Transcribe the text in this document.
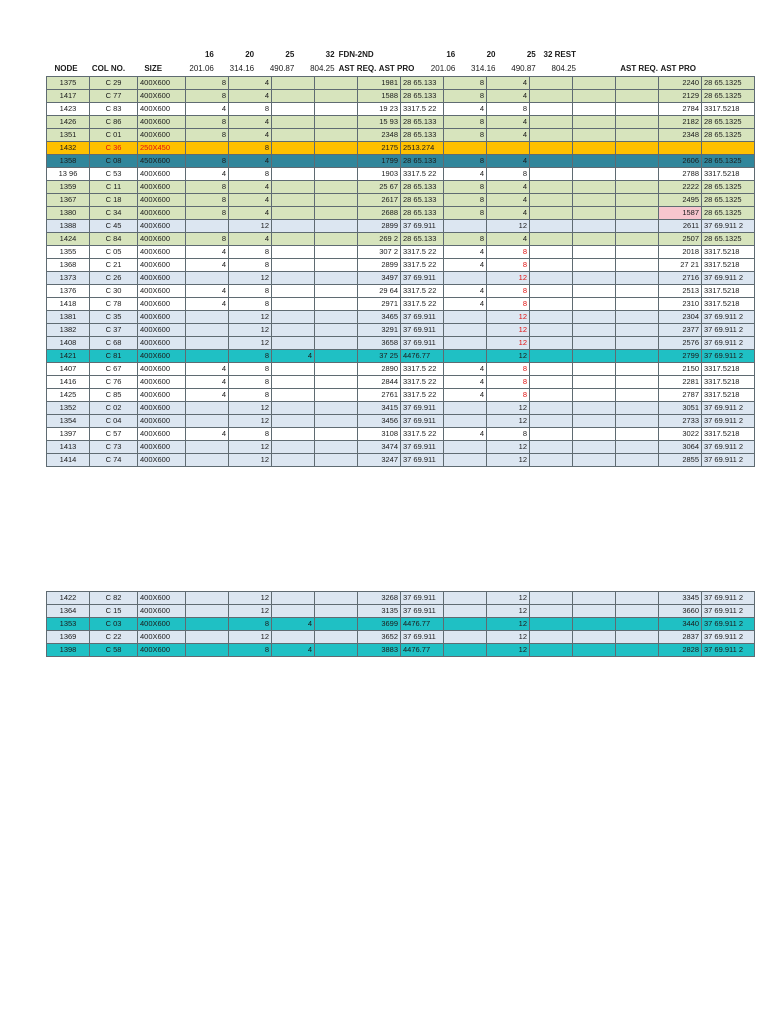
16	20	25	32 FDN-2ND	16	20	25 32 REST
NODE	COL NO.	SIZE	201.06	314.16	490.87	804.25 AST REQ. AST PRO	201.06	314.16	490.87	804.25	AST REQ. AST PRO
1375	C 29	400X600	8	4			1981	28 65.133	8	4				2240	28 65.1325
1417	C 77	400X600	8	4			1588	28 65.133	8	4				2129	28 65.1325
1423	C 83	400X600	4	8			19 23	3317.5 22	4	8				2784	3317.5218
1426	C 86	400X600	8	4			15 93	28 65.133	8	4				2182	28 65.1325
1351	C 01	400X600	8	4			2348	28 65.133	8	4				2348	28 65.1325
1432	C 36	250X450		8			2175	2513.274							
1358	C 08	450X600	8	4			1799	28 65.133	8	4				2606	28 65.1325
13 96	C 53	400X600	4	8			1903	3317.5 22	4	8				2788	3317.5218
1359	C 11	400X600	8	4			25 67	28 65.133	8	4				2222	28 65.1325
1367	C 18	400X600	8	4			2617	28 65.133	8	4				2495	28 65.1325
1380	C 34	400X600	8	4			2688	28 65.133	8	4				1587	28 65.1325
1388	C 45	400X600		12			2899	37 69.911		12				2611	37 69.911 2
1424	C 84	400X600	8	4			269 2	28 65.133	8	4				2507	28 65.1325
1355	C 05	400X600	4	8			307 2	3317.5 22	4	8				2018	3317.5218
1368	C 21	400X600	4	8			2899	3317.5 22	4	8				27 21	3317.5218
1373	C 26	400X600		12			3497	37 69.911		12				2716	37 69.911 2
1376	C 30	400X600	4	8			29 64	3317.5 22	4	8				2513	3317.5218
1418	C 78	400X600	4	8			2971	3317.5 22	4	8				2310	3317.5218
1381	C 35	400X600		12			3465	37 69.911		12				2304	37 69.911 2
1382	C 37	400X600		12			3291	37 69.911		12				2377	37 69.911 2
1408	C 68	400X600		12			3658	37 69.911		12				2576	37 69.911 2
1421	C 81	400X600		8	4		37 25	4476.77		12				2799	37 69.911 2
1407	C 67	400X600	4	8			2890	3317.5 22	4	8				2150	3317.5218
1416	C 76	400X600	4	8			2844	3317.5 22	4	8				2281	3317.5218
1425	C 85	400X600	4	8			2761	3317.5 22	4	8				2787	3317.5218
1352	C 02	400X600		12			3415	37 69.911		12				3051	37 69.911 2
1354	C 04	400X600		12			3456	37 69.911		12				2733	37 69.911 2
1397	C 57	400X600	4	8			3108	3317.5 22	4	8				3022	3317.5218
1413	C 73	400X600		12			3474	37 69.911		12				3064	37 69.911 2
1414	C 74	400X600		12			3247	37 69.911		12				2855	37 69.911 2
1422	C 82	400X600		12			3268	37 69.911		12				3345	37 69.911 2
1364	C 15	400X600		12			3135	37 69.911		12				3660	37 69.911 2
1353	C 03	400X600		8	4		3699	4476.77		12				3440	37 69.911 2
1369	C 22	400X600		12			3652	37 69.911		12				2837	37 69.911 2
1398	C 58	400X600		8	4		3883	4476.77		12				2828	37 69.911 2
